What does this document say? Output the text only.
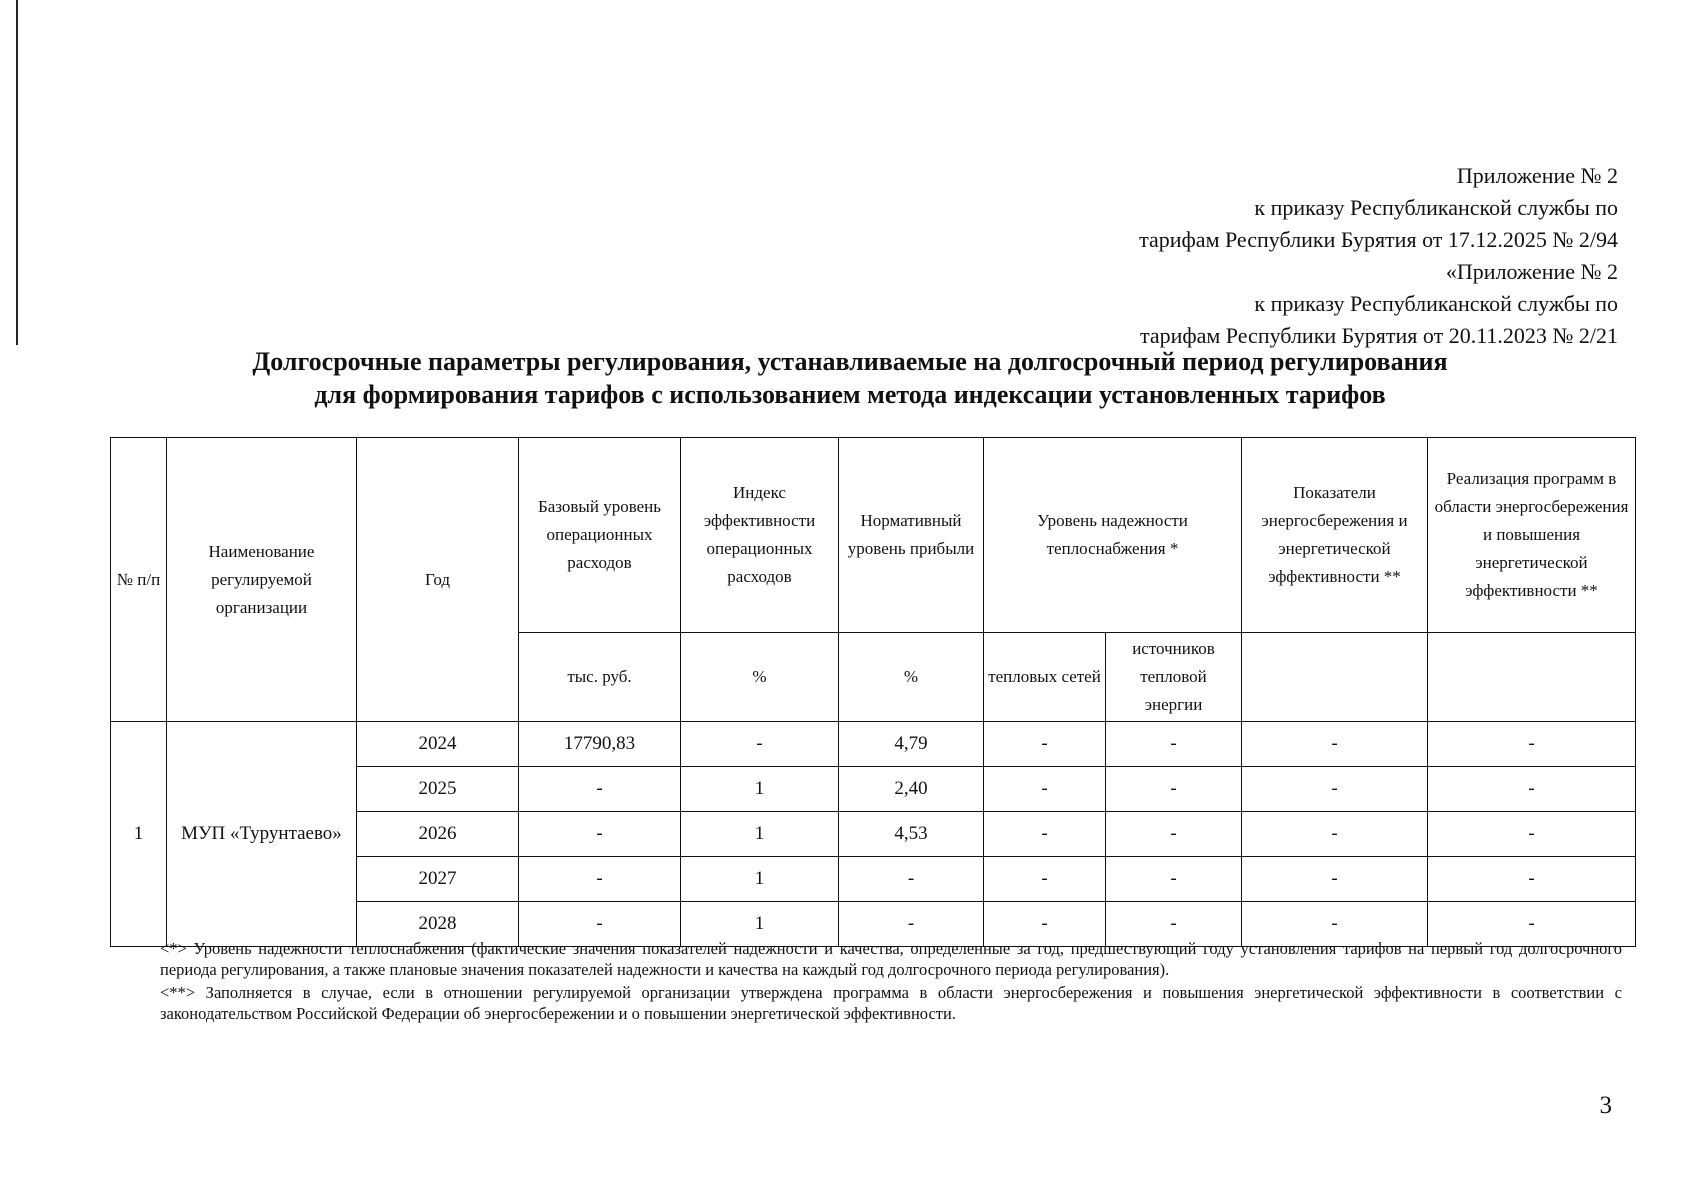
Приложение № 2
к приказу Республиканской службы по
тарифам Республики Бурятия от 17.12.2025 № 2/94
«Приложение № 2
к приказу Республиканской службы по
тарифам Республики Бурятия от 20.11.2023 № 2/21
Долгосрочные параметры регулирования, устанавливаемые на долгосрочный период регулирования
для формирования тарифов с использованием метода индексации установленных тарифов
№ п/п	Наименование регулируемой организации	Год	Базовый уровень операционных расходов	Индекс эффективности операционных расходов	Нормативный уровень прибыли	Уровень надежности теплоснабжения *		Показатели энергосбережения и энергетической эффективности **	Реализация программ в области энергосбережения и повышения энергетической эффективности **
			тыс. руб.	%	%	тепловых сетей	источников тепловой энергии		
1	МУП «Турунтаево»	2024	17790,83	-	4,79	-	-	-	-
		2025	-	1	2,40	-	-	-	-
		2026	-	1	4,53	-	-	-	-
		2027	-	1	-	-	-	-	-
		2028	-	1	-	-	-	-	-

<*> Уровень надежности теплоснабжения (фактические значения показателей надежности и качества, определенные за год, предшествующий году установления тарифов на первый год долгосрочного периода регулирования, а также плановые значения показателей надежности и качества на каждый год долгосрочного периода регулирования).

<**> Заполняется в случае, если в отношении регулируемой организации утверждена программа в области энергосбережения и повышения энергетической эффективности в соответствии с законодательством Российской Федерации об энергосбережении и о повышении энергетической эффективности.

3
